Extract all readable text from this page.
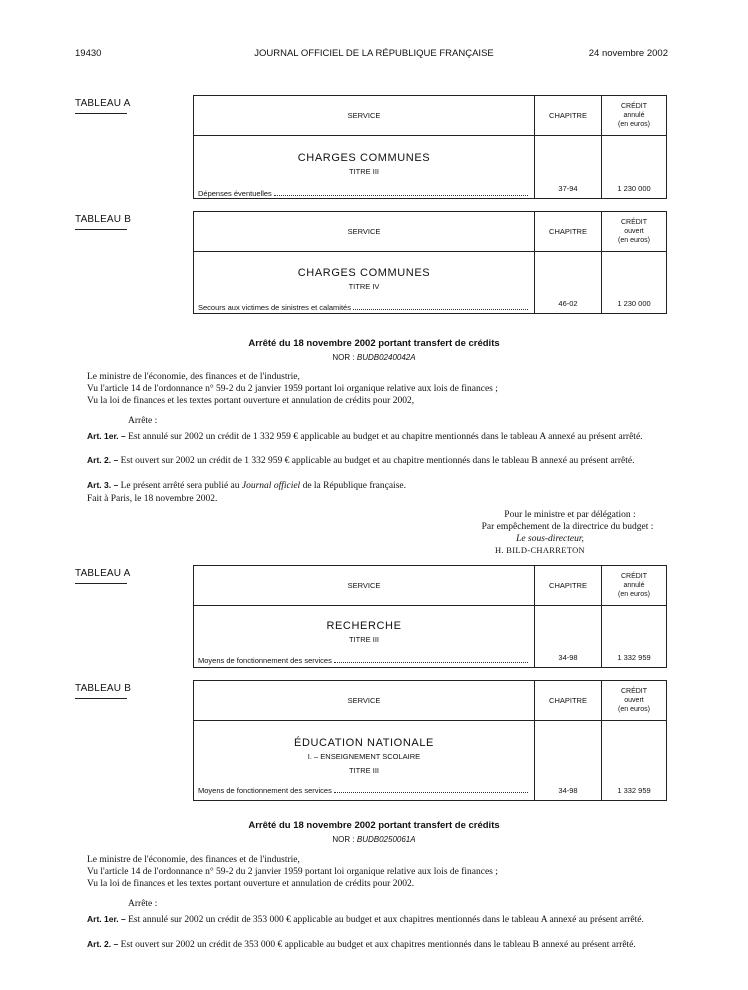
19430	JOURNAL OFFICIEL DE LA RÉPUBLIQUE FRANÇAISE	24 novembre 2002
TABLEAU A
SERVICE	CHAPITRE	CRÉDIT
annulé
(en euros)

CHARGES COMMUNES
TITRE III
Dépenses éventuelles	37-94	1 230 000
TABLEAU B
SERVICE	CHAPITRE	CRÉDIT
ouvert
(en euros)

CHARGES COMMUNES
TITRE IV
Secours aux victimes de sinistres et calamités	46-02	1 230 000
Arrêté du 18 novembre 2002 portant transfert de crédits
NOR : BUDB0240042A
Le ministre de l'économie, des finances et de l'industrie,
Vu l'article 14 de l'ordonnance n° 59-2 du 2 janvier 1959 portant loi organique relative aux lois de finances ;
Vu la loi de finances et les textes portant ouverture et annulation de crédits pour 2002,
Arrête :
Art. 1er. – Est annulé sur 2002 un crédit de 1 332 959 € applicable au budget et au chapitre mentionnés dans le tableau A annexé au présent arrêté.
Art. 2. – Est ouvert sur 2002 un crédit de 1 332 959 € applicable au budget et au chapitre mentionnés dans le tableau B annexé au présent arrêté.
Art. 3. – Le présent arrêté sera publié au Journal officiel de la République française.
Fait à Paris, le 18 novembre 2002.
Pour le ministre et par délégation :
Par empêchement de la directrice du budget :
Le sous-directeur,
H. BILD-CHARRETON
TABLEAU A
SERVICE	CHAPITRE	CRÉDIT
annulé
(en euros)

RECHERCHE
TITRE III
Moyens de fonctionnement des services	34-98	1 332 959
TABLEAU B
SERVICE	CHAPITRE	CRÉDIT
ouvert
(en euros)

ÉDUCATION NATIONALE
I. – ENSEIGNEMENT SCOLAIRE
TITRE III
Moyens de fonctionnement des services	34-98	1 332 959
Arrêté du 18 novembre 2002 portant transfert de crédits
NOR : BUDB0250061A
Le ministre de l'économie, des finances et de l'industrie,
Vu l'article 14 de l'ordonnance n° 59-2 du 2 janvier 1959 portant loi organique relative aux lois de finances ;
Vu la loi de finances et les textes portant ouverture et annulation de crédits pour 2002.
Arrête :
Art. 1er. – Est annulé sur 2002 un crédit de 353 000 € applicable au budget et aux chapitres mentionnés dans le tableau A annexé au présent arrêté.
Art. 2. – Est ouvert sur 2002 un crédit de 353 000 € applicable au budget et aux chapitres mentionnés dans le tableau B annexé au présent arrêté.
